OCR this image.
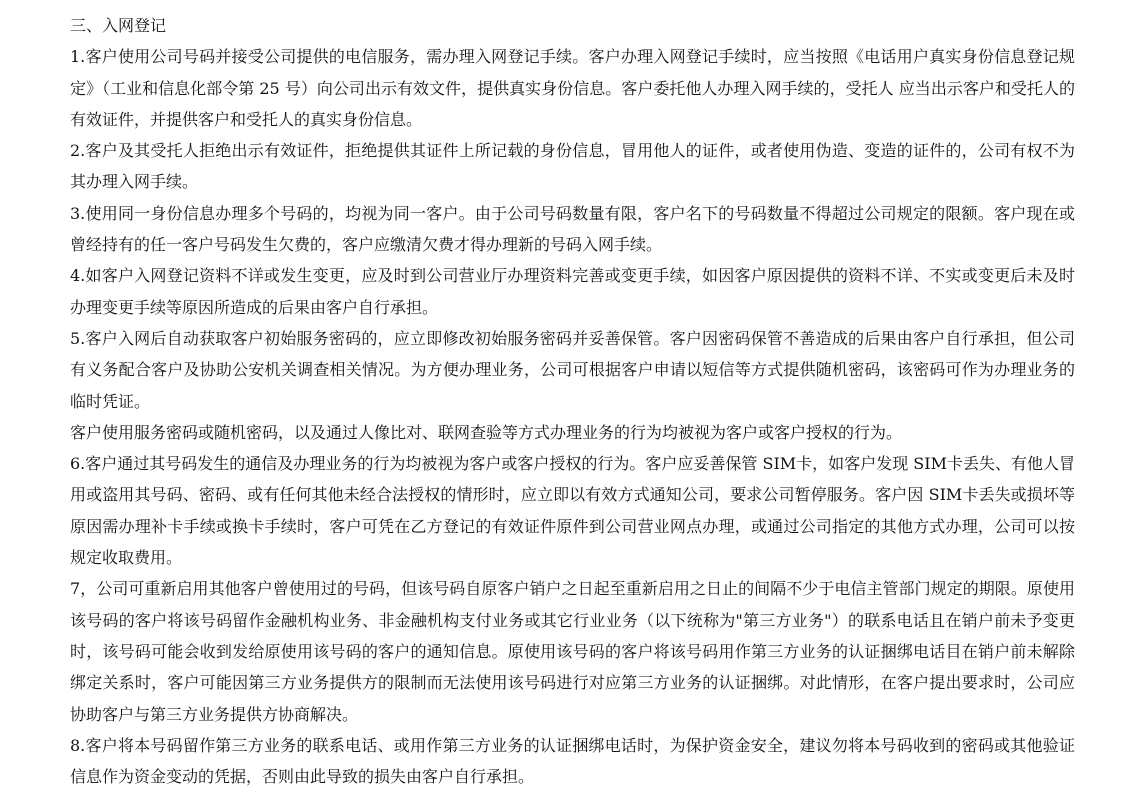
三、入网登记

1.客户使用公司号码并接受公司提供的电信服务，需办理入网登记手续。客户办理入网登记手续时，应当按照《电话用户真实身份信息登记规定》（工业和信息化部令第 25 号）向公司出示有效文件，提供真实身份信息。客户委托他人办理入网手续的，受托人 应当出示客户和受托人的有效证件，并提供客户和受托人的真实身份信息。

2.客户及其受托人拒绝出示有效证件，拒绝提供其证件上所记载的身份信息，冒用他人的证件，或者使用伪造、变造的证件的，公司有权不为其办理入网手续。

3.使用同一身份信息办理多个号码的，均视为同一客户。由于公司号码数量有限，客户名下的号码数量不得超过公司规定的限额。客户现在或曾经持有的任一客户号码发生欠费的，客户应缴清欠费才得办理新的号码入网手续。

4.如客户入网登记资料不详或发生变更，应及时到公司营业厅办理资料完善或变更手续，如因客户原因提供的资料不详、不实或变更后未及时办理变更手续等原因所造成的后果由客户自行承担。

5.客户入网后自动获取客户初始服务密码的，应立即修改初始服务密码并妥善保管。客户因密码保管不善造成的后果由客户自行承担，但公司有义务配合客户及协助公安机关调查相关情况。为方便办理业务，公司可根据客户申请以短信等方式提供随机密码，该密码可作为办理业务的临时凭证。

客户使用服务密码或随机密码，以及通过人像比对、联网查验等方式办理业务的行为均被视为客户或客户授权的行为。

6.客户通过其号码发生的通信及办理业务的行为均被视为客户或客户授权的行为。客户应妥善保管 SIM卡，如客户发现 SIM卡丢失、有他人冒用或盗用其号码、密码、或有任何其他未经合法授权的情形时，应立即以有效方式通知公司，要求公司暂停服务。客户因 SIM卡丢失或损坏等原因需办理补卡手续或换卡手续时，客户可凭在乙方登记的有效证件原件到公司营业网点办理，或通过公司指定的其他方式办理，公司可以按规定收取费用。

7，公司可重新启用其他客户曾使用过的号码，但该号码自原客户销户之日起至重新启用之日止的间隔不少于电信主管部门规定的期限。原使用该号码的客户将该号码留作金融机构业务、非金融机构支付业务或其它行业业务（以下统称为"第三方业务"）的联系电话且在销户前未予变更时，该号码可能会收到发给原使用该号码的客户的通知信息。原使用该号码的客户将该号码用作第三方业务的认证捆绑电话目在销户前未解除绑定关系时，客户可能因第三方业务提供方的限制而无法使用该号码进行对应第三方业务的认证捆绑。对此情形，在客户提出要求时，公司应协助客户与第三方业务提供方协商解决。

8.客户将本号码留作第三方业务的联系电话、或用作第三方业务的认证捆绑电话时，为保护资金安全，建议勿将本号码收到的密码或其他验证信息作为资金变动的凭据，否则由此导致的损失由客户自行承担。
